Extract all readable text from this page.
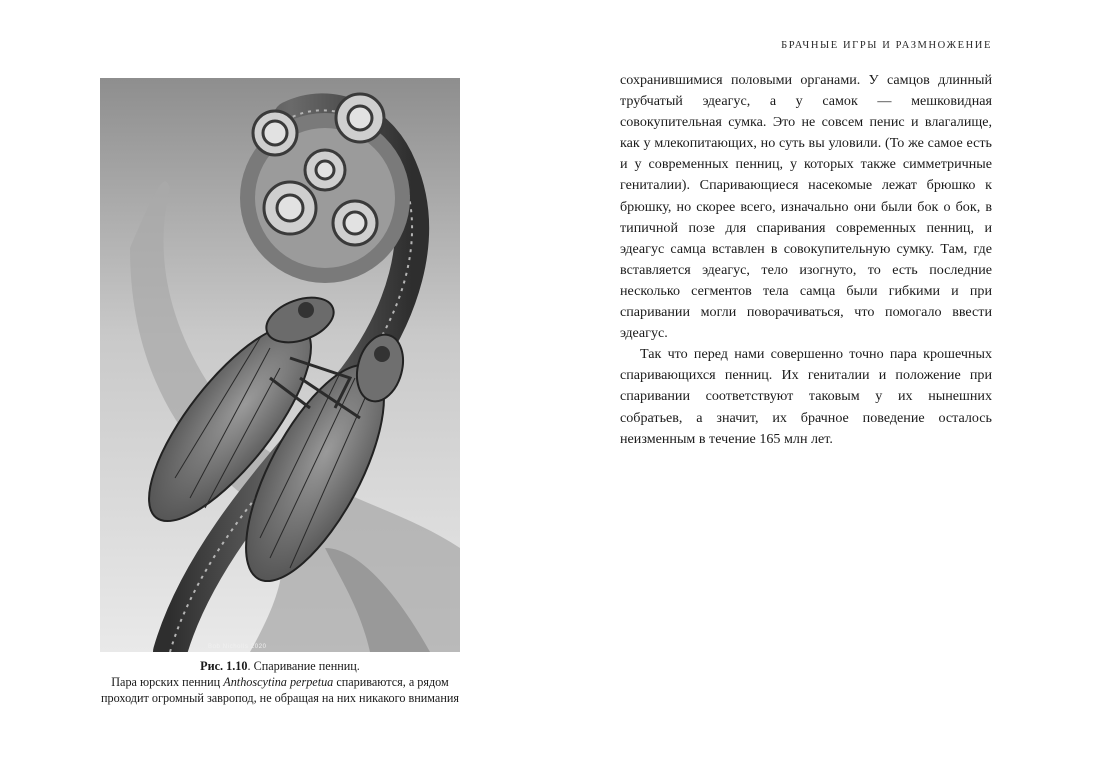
БРАЧНЫЕ ИГРЫ И РАЗМНОЖЕНИЕ
Bob Nicholls 2020

Рис. 1.10. Спаривание пенниц.

Пара юрских пенниц Anthoscytina perpetua спариваются, а рядом проходит огромный завропод, не обращая на них никакого внимания

сохранившимися половыми органами. У самцов длинный трубчатый эдеагус, а у самок — мешковидная совокупительная сумка. Это не совсем пенис и влагалище, как у млекопитающих, но суть вы уловили. (То же самое есть и у современных пенниц, у которых также симметричные гениталии). Спаривающиеся насекомые лежат брюшко к брюшку, но скорее всего, изначально они были бок о бок, в типичной позе для спаривания современных пенниц, и эдеагус самца вставлен в совокупительную сумку. Там, где вставляется эдеагус, тело изогнуто, то есть последние несколько сегментов тела самца были гибкими и при спаривании могли поворачиваться, что помогало ввести эдеагус.

Так что перед нами совершенно точно пара крошечных спаривающихся пенниц. Их гениталии и положение при спаривании соответствуют таковым у их нынешних собратьев, а значит, их брачное поведение осталось неизменным в течение 165 млн лет.
